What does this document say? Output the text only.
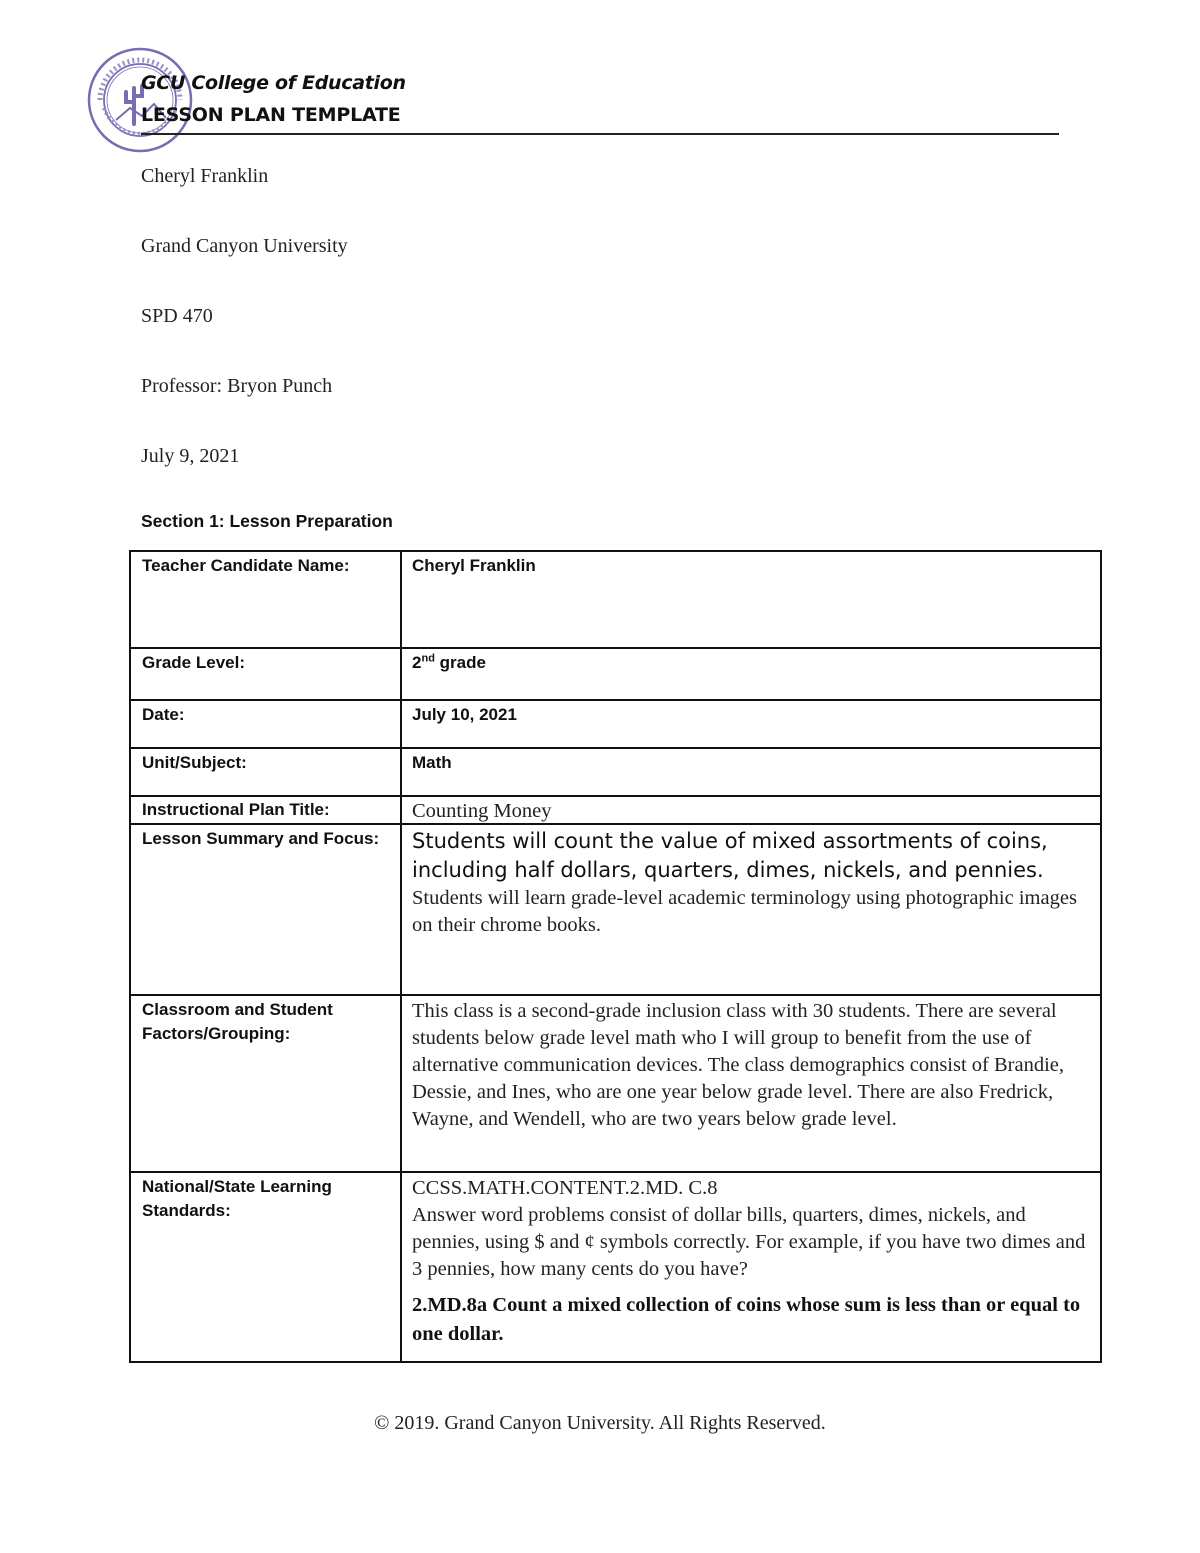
GCU College of Education
LESSON PLAN TEMPLATE
Cheryl Franklin
Grand Canyon University
SPD 470
Professor: Bryon Punch
July 9, 2021
Section 1: Lesson Preparation
Teacher Candidate Name:	Cheryl Franklin
Grade Level:	2nd grade
Date:	July 10, 2021
Unit/Subject:	Math
Instructional Plan Title:	Counting Money
Lesson Summary and Focus:	Students will count the value of mixed assortments of coins, including half dollars, quarters, dimes, nickels, and pennies. Students will learn grade-level academic terminology using photographic images on their chrome books.
Classroom and Student Factors/Grouping:	This class is a second-grade inclusion class with 30 students. There are several students below grade level math who I will group to benefit from the use of alternative communication devices. The class demographics consist of Brandie, Dessie, and Ines, who are one year below grade level. There are also Fredrick, Wayne, and Wendell, who are two years below grade level.
National/State Learning Standards:	CCSS.MATH.CONTENT.2.MD. C.8
Answer word problems consist of dollar bills, quarters, dimes, nickels, and pennies, using $ and ¢ symbols correctly. For example, if you have two dimes and 3 pennies, how many cents do you have?
2.MD.8a Count a mixed collection of coins whose sum is less than or equal to one dollar.
© 2019. Grand Canyon University. All Rights Reserved.
